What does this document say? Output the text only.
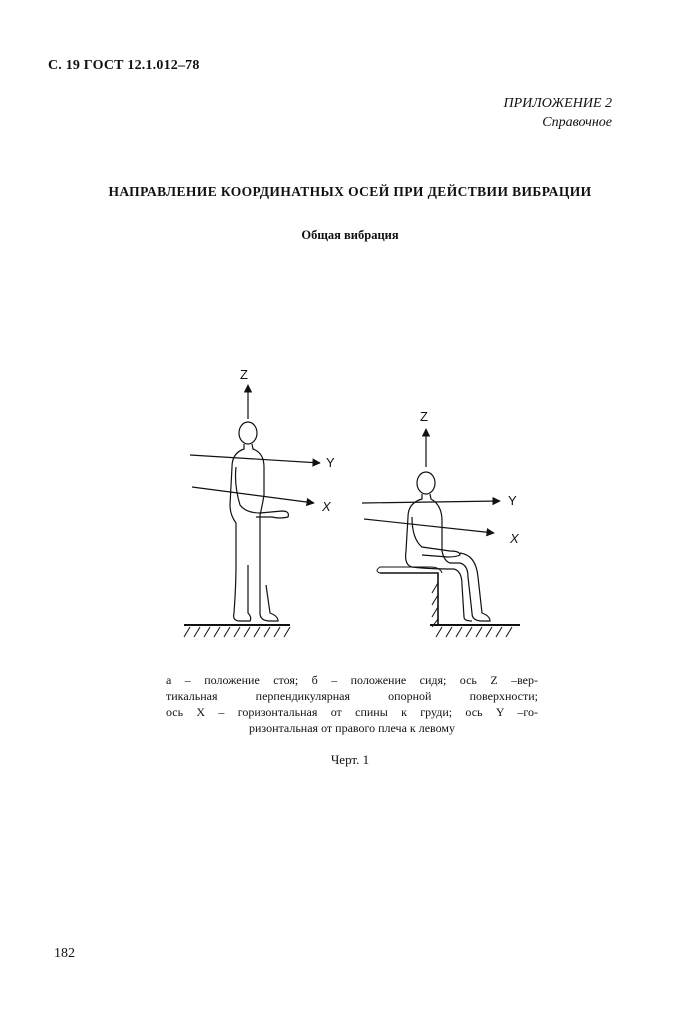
С. 19 ГОСТ 12.1.012–78
ПРИЛОЖЕНИЕ 2
Справочное
НАПРАВЛЕНИЕ КООРДИНАТНЫХ ОСЕЙ ПРИ ДЕЙСТВИИ ВИБРАЦИИ
Общая вибрация
Z
Y
X
Z
Y
X
а – положение стоя; б – положение сидя; ось Z –вер-
тикальная перпендикулярная опорной поверхности;
ось X – горизонтальная от спины к груди; ось Y –го-
ризонтальная от правого плеча к левому
Черт. 1
182
